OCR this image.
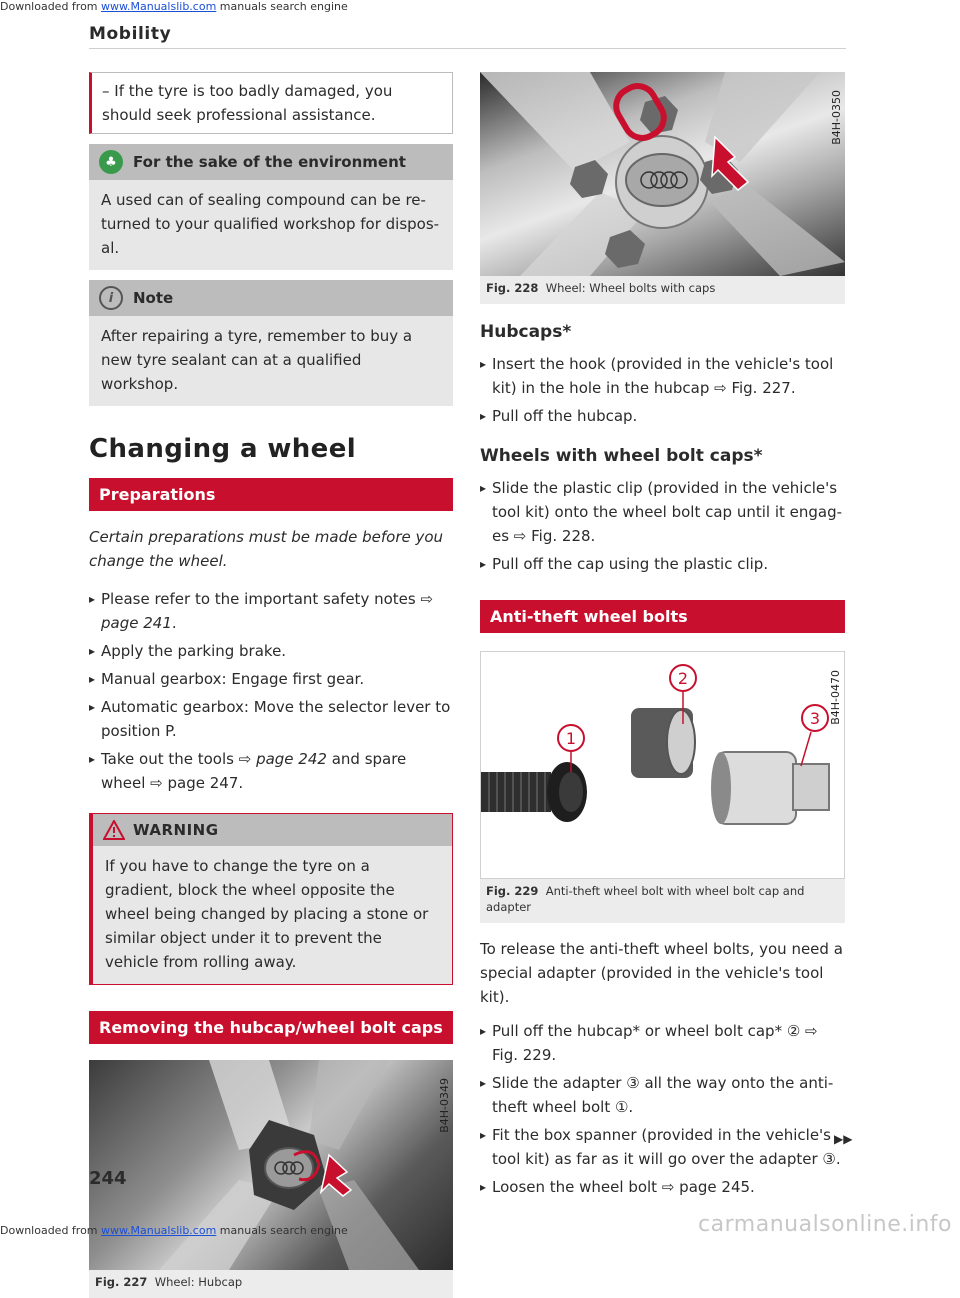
Downloaded from www.Manualslib.com manuals search engine
Mobility
– If the tyre is too badly damaged, you should seek professional assistance.
♣	For the sake of the environment
A used can of sealing compound can be re-turned to your qualified workshop for dispos-al.
i	Note
After repairing a tyre, remember to buy a new tyre sealant can at a qualified workshop.
Changing a wheel
Preparations
Certain preparations must be made before you change the wheel.
▸ Please refer to the important safety notes ⇨ page 241.
▸ Apply the parking brake.
▸ Manual gearbox: Engage first gear.
▸ Automatic gearbox: Move the selector lever to position P.
▸ Take out the tools ⇨ page 242 and spare wheel ⇨ page 247.
WARNING
If you have to change the tyre on a gradient, block the wheel opposite the wheel being changed by placing a stone or similar object under it to prevent the vehicle from rolling away.
Removing the hubcap/wheel bolt caps
B4H-0349
Fig. 227 Wheel: Hubcap
B4H-0350
Fig. 228 Wheel: Wheel bolts with caps
Hubcaps*
▸ Insert the hook (provided in the vehicle's tool kit) in the hole in the hubcap ⇨ Fig. 227.
▸ Pull off the hubcap.
Wheels with wheel bolt caps*
▸ Slide the plastic clip (provided in the vehicle's tool kit) onto the wheel bolt cap until it engag-es ⇨ Fig. 228.
▸ Pull off the cap using the plastic clip.
Anti-theft wheel bolts
1
2
3 B4H-0470
Fig. 229 Anti-theft wheel bolt with wheel bolt cap and adapter
To release the anti-theft wheel bolts, you need a special adapter (provided in the vehicle's tool kit).
▸ Pull off the hubcap* or wheel bolt cap* ② ⇨ Fig. 229.
▸ Slide the adapter ③ all the way onto the anti-theft wheel bolt ①.
▸ Fit the box spanner (provided in the vehicle's tool kit) as far as it will go over the adapter ③.
▸ Loosen the wheel bolt ⇨ page 245.
▶▶
244
Downloaded from www.Manualslib.com manuals search engine	carmanualsonline.info
